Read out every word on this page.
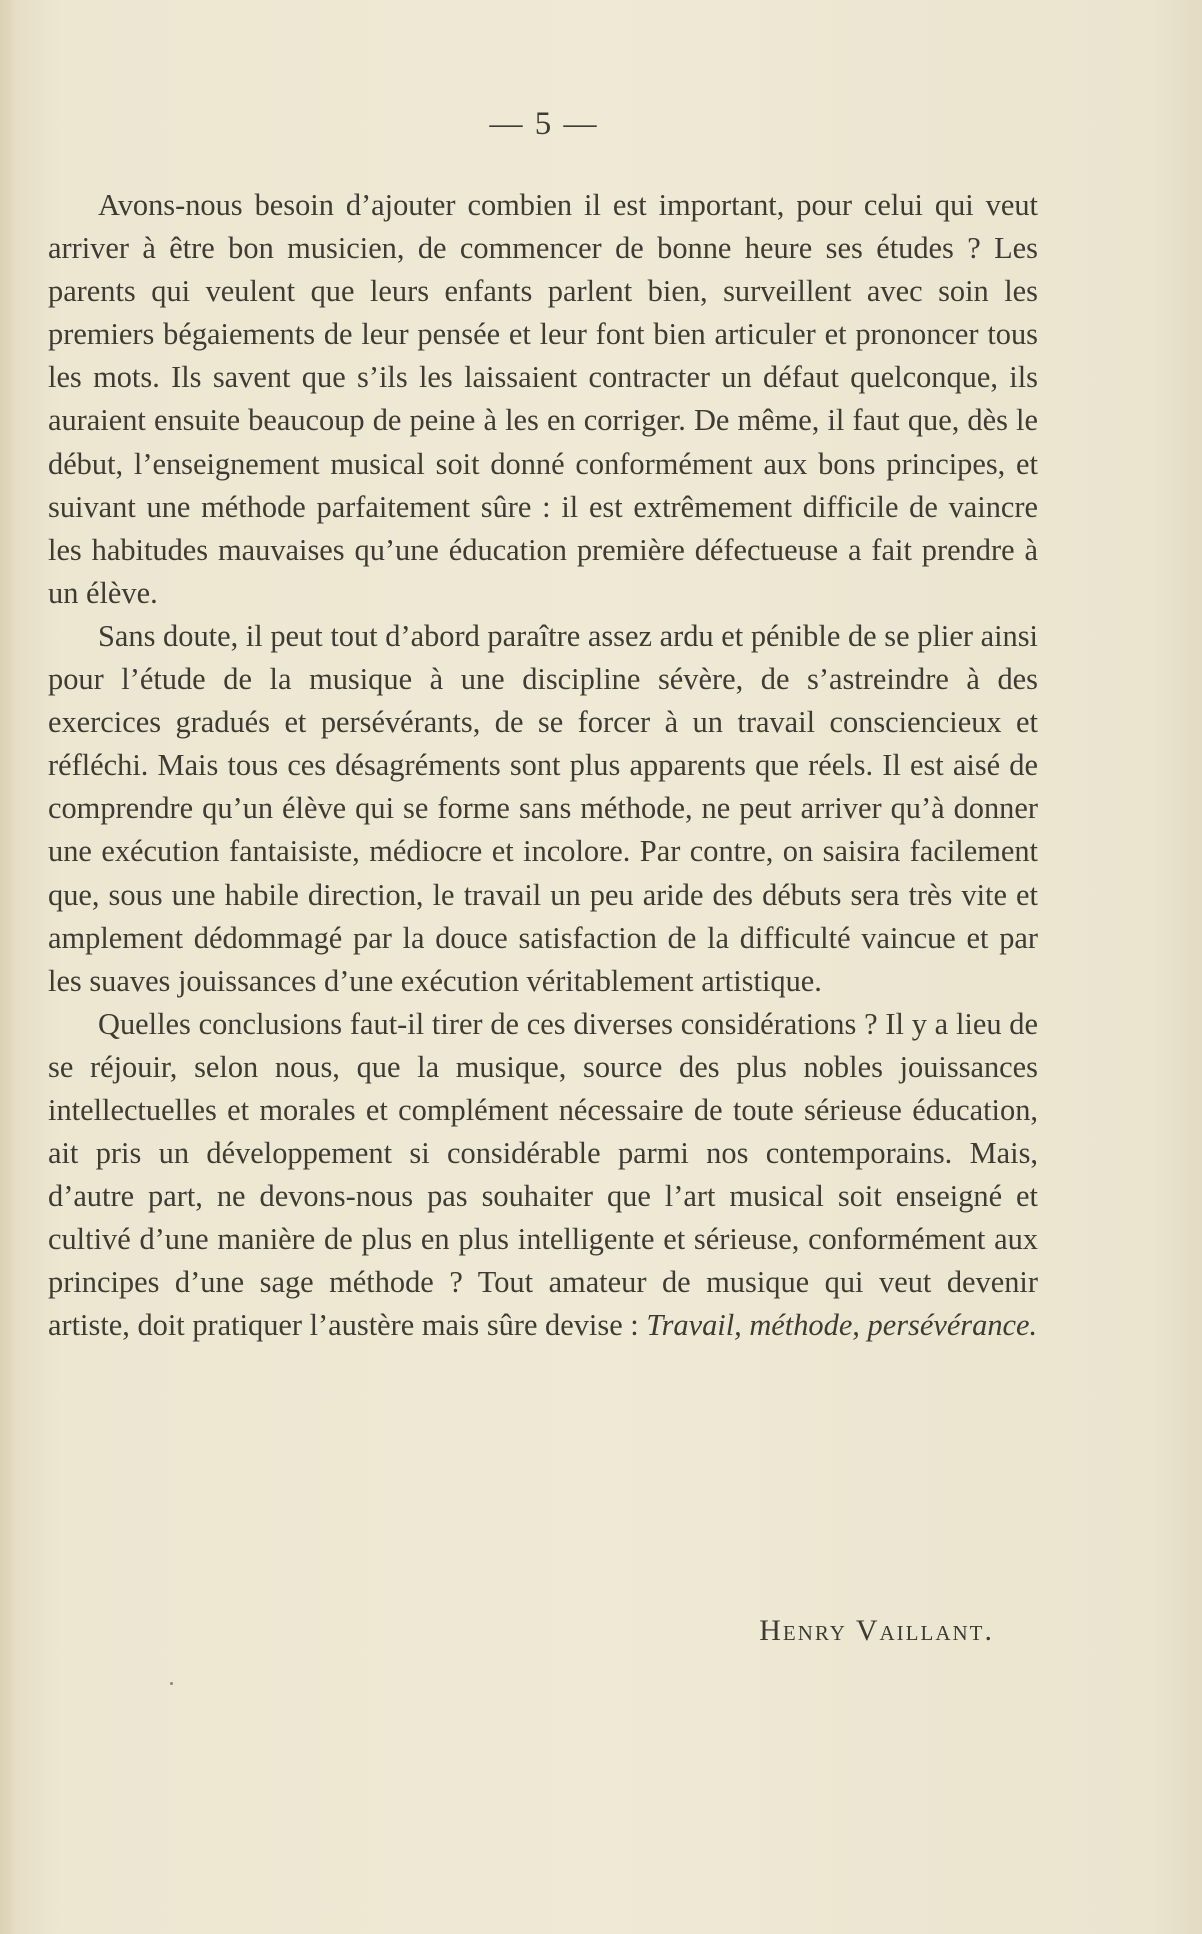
— 5 —

Avons-nous besoin d’ajouter combien il est important, pour celui qui veut arriver à être bon musicien, de commencer de bonne heure ses études ? Les parents qui veulent que leurs enfants parlent bien, surveillent avec soin les premiers bégaiements de leur pensée et leur font bien articuler et prononcer tous les mots. Ils savent que s’ils les laissaient contracter un défaut quelconque, ils auraient ensuite beaucoup de peine à les en corriger. De même, il faut que, dès le début, l’enseignement musical soit donné conformément aux bons principes, et suivant une méthode parfaitement sûre : il est extrêmement difficile de vaincre les habitudes mauvaises qu’une éducation première défectueuse a fait prendre à un élève.

Sans doute, il peut tout d’abord paraître assez ardu et pénible de se plier ainsi pour l’étude de la musique à une discipline sévère, de s’astreindre à des exercices gradués et persévérants, de se forcer à un travail consciencieux et réfléchi. Mais tous ces désagréments sont plus apparents que réels. Il est aisé de comprendre qu’un élève qui se forme sans méthode, ne peut arriver qu’à donner une exécution fantaisiste, médiocre et incolore. Par contre, on saisira facilement que, sous une habile direction, le travail un peu aride des débuts sera très vite et amplement dédommagé par la douce satisfaction de la difficulté vaincue et par les suaves jouissances d’une exécution véritablement artistique.

Quelles conclusions faut-il tirer de ces diverses considérations ? Il y a lieu de se réjouir, selon nous, que la musique, source des plus nobles jouissances intellectuelles et morales et complément nécessaire de toute sérieuse éducation, ait pris un développement si considérable parmi nos contemporains. Mais, d’autre part, ne devons-nous pas souhaiter que l’art musical soit enseigné et cultivé d’une manière de plus en plus intelligente et sérieuse, conformément aux principes d’une sage méthode ? Tout amateur de musique qui veut devenir artiste, doit pratiquer l’austère mais sûre devise : Travail, méthode, persévérance.

Henry Vaillant.
